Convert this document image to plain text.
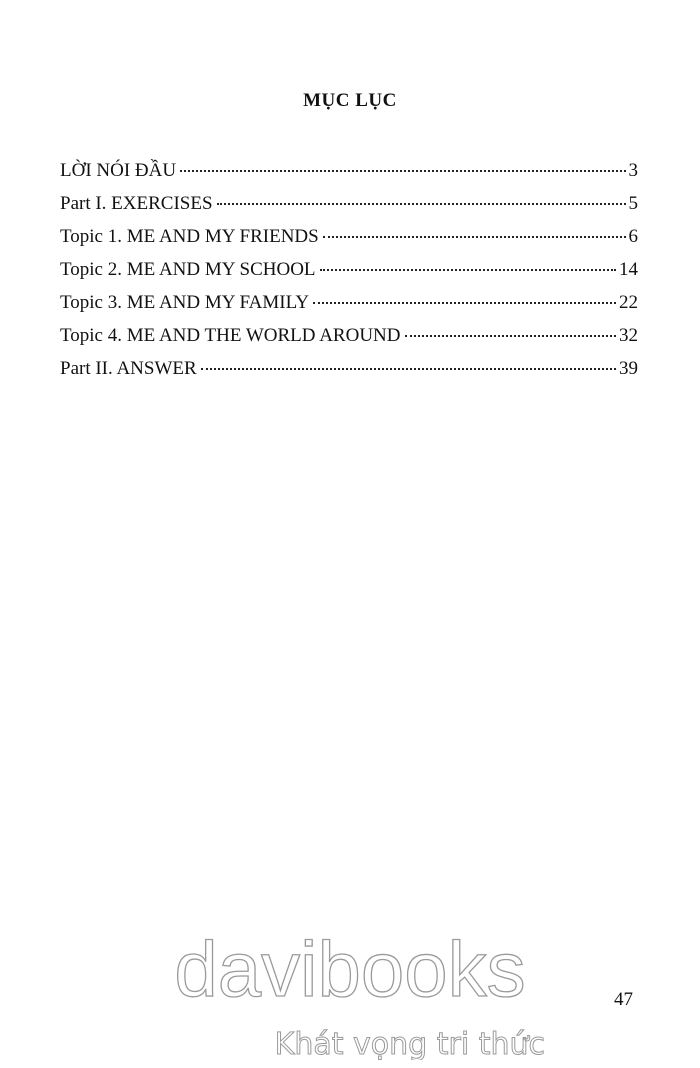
MỤC LỤC
LỜI NÓI ĐẦU	3
Part I. EXERCISES	5
Topic 1. ME AND MY FRIENDS	6
Topic 2. ME AND MY SCHOOL	14
Topic 3. ME AND MY FAMILY	22
Topic 4. ME AND THE WORLD AROUND	32
Part II. ANSWER	39
davibooks
Khát vọng tri thức
47
